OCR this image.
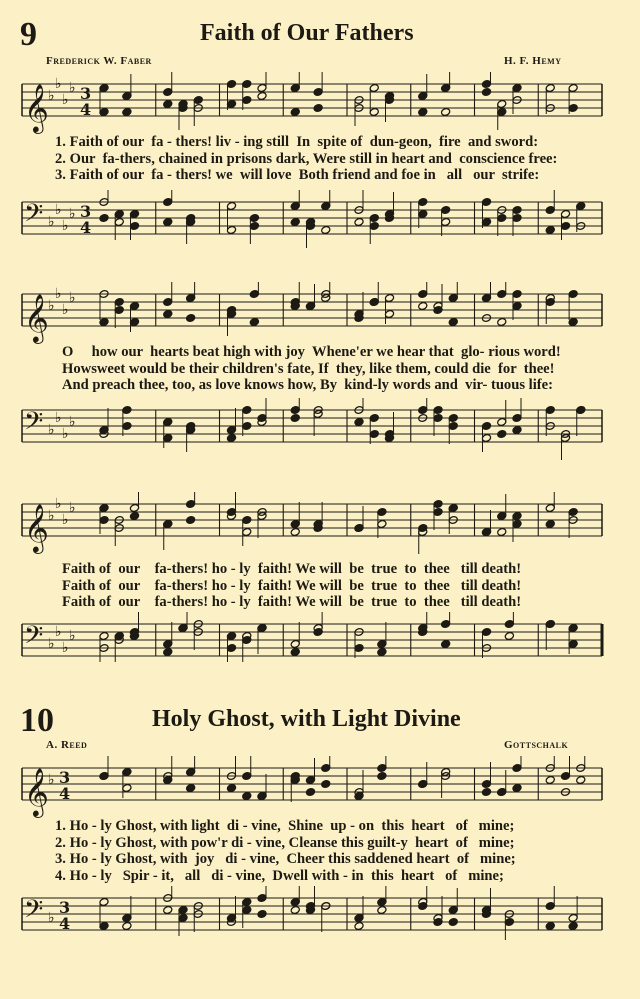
9	Faith of Our Fathers
Frederick W. Faber	H. F. Hemy
𝄞 ♭
♭
♭
♭ 3
4
1. Faith of our  fa - thers! liv - ing still  In  spite of  dun-geon,  fire  and sword:
2. Our  fa-thers, chained in prisons dark, Were still in heart and  conscience free:
3. Faith of our  fa - thers! we  will love  Both friend and foe in   all   our  strife:
𝄢 ♭
♭
♭
♭ 3
4
𝄞 ♭
♭
♭
♭
O     how our  hearts beat high with joy  Whene'er we hear that  glo- rious word!
Howsweet would be their children's fate, If  they, like them, could die  for  thee!
And preach thee, too, as love knows how, By  kind-ly words and  vir- tuous life:
𝄢 ♭
♭
♭
♭
𝄞 ♭
♭
♭
♭
Faith of  our    fa-thers! ho - ly  faith! We will  be  true  to  thee   till death!
Faith of  our    fa-thers! ho - ly  faith! We will  be  true  to  thee   till death!
Faith of  our    fa-thers! ho - ly  faith! We will  be  true  to  thee   till death!
𝄢 ♭
♭
♭
♭
10	Holy Ghost, with Light Divine
A. Reed	Gottschalk
𝄞 ♭ 3
4
1. Ho - ly Ghost, with light  di - vine,  Shine  up - on  this  heart   of   mine;
2. Ho - ly Ghost, with pow'r di - vine, Cleanse this guilt-y  heart  of   mine;
3. Ho - ly Ghost, with  joy   di - vine,  Cheer this saddened heart  of   mine;
4. Ho - ly   Spir - it,   all   di - vine,  Dwell with - in  this  heart   of   mine;
𝄢 ♭
3
4
